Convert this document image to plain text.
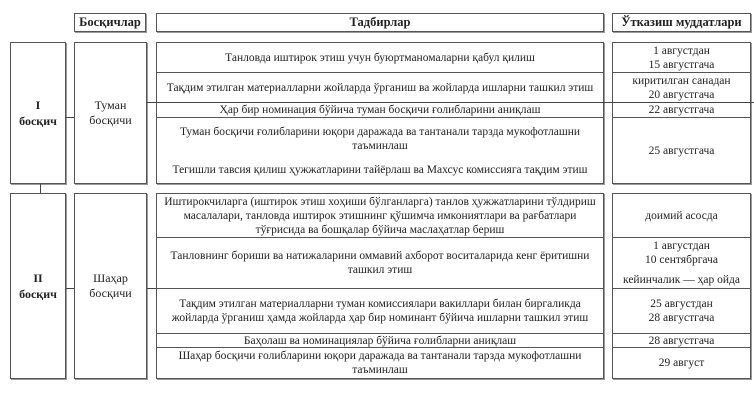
Босқичлар	Тадбирлар	Ўтказиш муддатлари
I
босқич
Туман босқичи
Танловда иштирок этиш учун буюртманомаларни қабул қилиш
Тақдим этилган материалларни жойларда ўрганиш ва жойларда ишларни ташкил этиш
Ҳар бир номинация бўйича туман босқичи ғолибларини аниқлаш
Туман босқичи ғолибларини юқори даражада ва тантанали тарзда мукофотлашни таъминлаш
Тегишли тавсия қилиш ҳужжатларини тайёрлаш ва Махсус комиссияга тақдим этиш
1 августдан
15 августгача
киритилган санадан
20 августгача
22 августгача
25 августгача
II
босқич
Шаҳар босқичи
Иштирокчиларга (иштирок этиш хоҳиши бўлганларга) танлов ҳужжатларини тўлдириш масалалари, танловда иштирок этишнинг қўшимча имкониятлари ва рағбатлари тўғрисида ва бошқалар бўйича маслаҳатлар бериш
Танловнинг бориши ва натижаларини оммавий ахборот воситаларида кенг ёритишни ташкил этиш
Тақдим этилган материалларни туман комиссиялари вакиллари билан биргаликда жойларда ўрганиш ҳамда жойларда ҳар бир номинант бўйича ишларни ташкил этиш
Баҳолаш ва номинациялар бўйича ғолибларни аниқлаш
Шаҳар босқичи ғолибларини юқори даражада ва тантанали тарзда мукофотлашни таъминлаш
доимий асосда
1 августдан
10 сентябргача
кейинчалик — ҳар ойда
25 августдан
28 августгача
28 августгача
29 август
